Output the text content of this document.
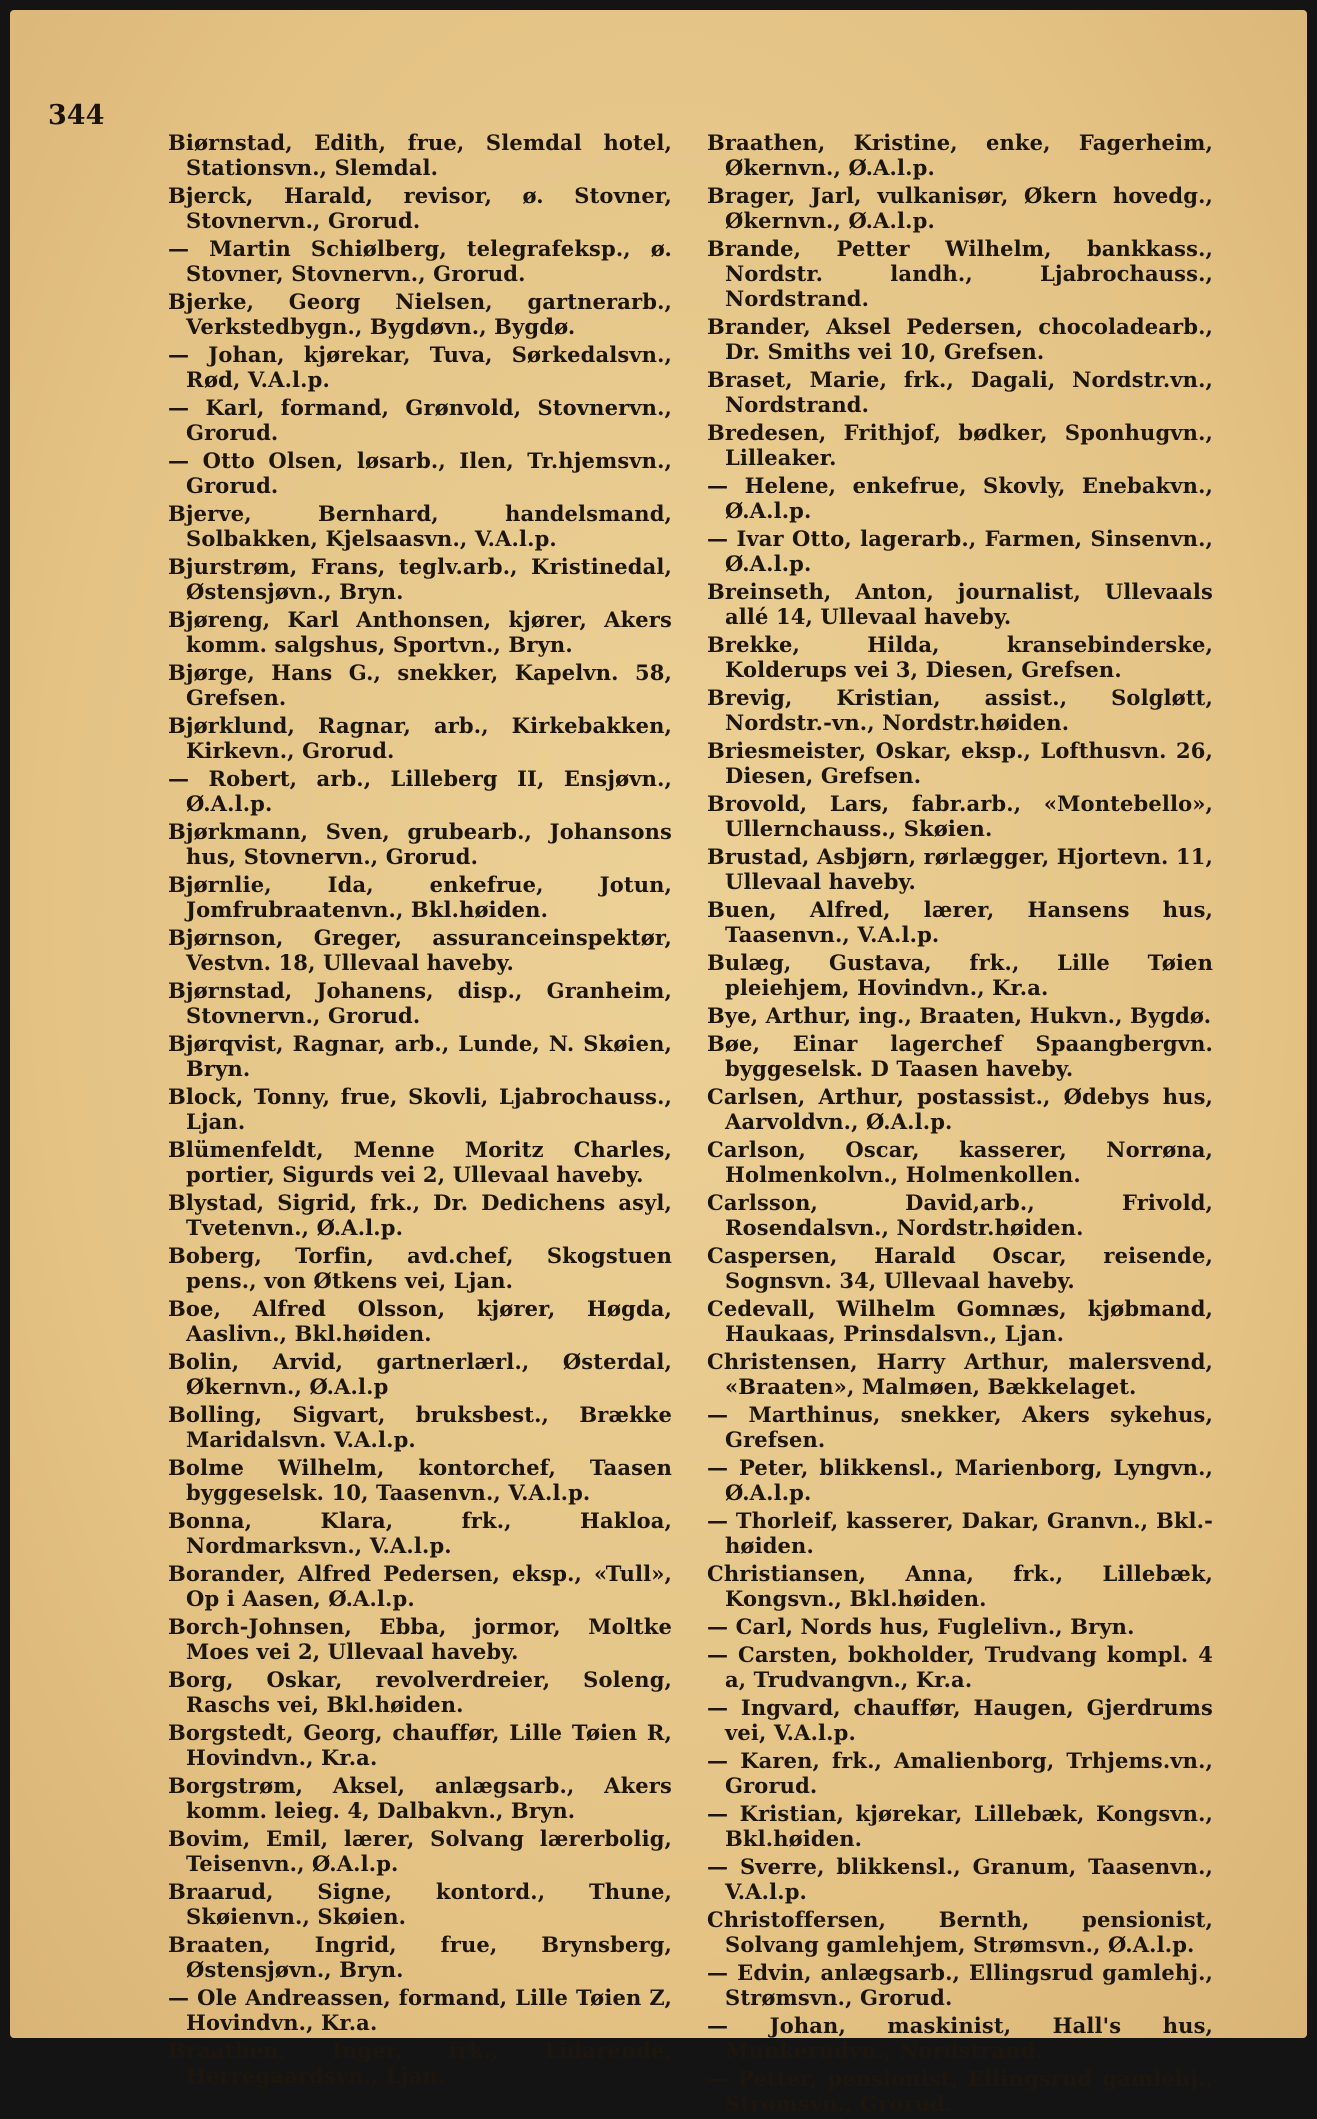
344

Biørnstad, Edith, frue, Slemdal hotel, Stationsvn., Slemdal.

Bjerck, Harald, revisor, ø. Stovner, Stovnervn., Grorud.

— Martin Schiølberg, telegrafeksp., ø. Stovner, Stovnervn., Grorud.

Bjerke, Georg Nielsen, gartnerarb., Verkstedbygn., Bygdøvn., Bygdø.

— Johan, kjørekar, Tuva, Sørkedalsvn., Rød, V.A.l.p.

— Karl, formand, Grønvold, Stovnervn., Grorud.

— Otto Olsen, løsarb., Ilen, Tr.hjemsvn., Grorud.

Bjerve, Bernhard, handelsmand, Solbakken, Kjelsaasvn., V.A.l.p.

Bjurstrøm, Frans, teglv.arb., Kristinedal, Østensjøvn., Bryn.

Bjøreng, Karl Anthonsen, kjører, Akers komm. salgshus, Sportvn., Bryn.

Bjørge, Hans G., snekker, Kapelvn. 58, Grefsen.

Bjørklund, Ragnar, arb., Kirkebakken, Kirkevn., Grorud.

— Robert, arb., Lilleberg II, Ensjøvn., Ø.A.l.p.

Bjørkmann, Sven, grubearb., Johansons hus, Stovnervn., Grorud.

Bjørnlie, Ida, enkefrue, Jotun, Jomfrubraatenvn., Bkl.høiden.

Bjørnson, Greger, assuranceinspektør, Vestvn. 18, Ullevaal haveby.

Bjørnstad, Johanens, disp., Granheim, Stovnervn., Grorud.

Bjørqvist, Ragnar, arb., Lunde, N. Skøien, Bryn.

Block, Tonny, frue, Skovli, Ljabrochauss., Ljan.

Blümenfeldt, Menne Moritz Charles, portier, Sigurds vei 2, Ullevaal haveby.

Blystad, Sigrid, frk., Dr. Dedichens asyl, Tvetenvn., Ø.A.l.p.

Boberg, Torfin, avd.chef, Skogstuen pens., von Øtkens vei, Ljan.

Boe, Alfred Olsson, kjører, Høgda, Aaslivn., Bkl.høiden.

Bolin, Arvid, gartnerlærl., Østerdal, Økernvn., Ø.A.l.p

Bolling, Sigvart, bruksbest., Brække Maridalsvn. V.A.l.p.

Bolme Wilhelm, kontorchef, Taasen byggeselsk. 10, Taasenvn., V.A.l.p.

Bonna, Klara, frk., Hakloa, Nordmarksvn., V.A.l.p.

Borander, Alfred Pedersen, eksp., «Tull», Op i Aasen, Ø.A.l.p.

Borch-Johnsen, Ebba, jormor, Moltke Moes vei 2, Ullevaal haveby.

Borg, Oskar, revolverdreier, Soleng, Raschs vei, Bkl.høiden.

Borgstedt, Georg, chauffør, Lille Tøien R, Hovindvn., Kr.a.

Borgstrøm, Aksel, anlægsarb., Akers komm. leieg. 4, Dalbakvn., Bryn.

Bovim, Emil, lærer, Solvang lærerbolig, Teisenvn., Ø.A.l.p.

Braarud, Signe, kontord., Thune, Skøienvn., Skøien.

Braaten, Ingrid, frue, Brynsberg, Østensjøvn., Bryn.

— Ole Andreassen, formand, Lille Tøien Z, Hovindvn., Kr.a.

Braathen, Inger, frk., Lidarende, Herregaardsvn., Ljan.

Braathen, Kristine, enke, Fagerheim, Økernvn., Ø.A.l.p.

Brager, Jarl, vulkanisør, Økern hovedg., Økernvn., Ø.A.l.p.

Brande, Petter Wilhelm, bankkass., Nordstr. landh., Ljabrochauss., Nordstrand.

Brander, Aksel Pedersen, chocoladearb., Dr. Smiths vei 10, Grefsen.

Braset, Marie, frk., Dagali, Nordstr.vn., Nordstrand.

Bredesen, Frithjof, bødker, Sponhugvn., Lilleaker.

— Helene, enkefrue, Skovly, Enebakvn., Ø.A.l.p.

— Ivar Otto, lagerarb., Farmen, Sinsenvn., Ø.A.l.p.

Breinseth, Anton, journalist, Ullevaals allé 14, Ullevaal haveby.

Brekke, Hilda, kransebinderske, Kolderups vei 3, Diesen, Grefsen.

Brevig, Kristian, assist., Solgløtt, Nordstr.-vn., Nordstr.høiden.

Briesmeister, Oskar, eksp., Lofthusvn. 26, Diesen, Grefsen.

Brovold, Lars, fabr.arb., «Montebello», Ullernchauss., Skøien.

Brustad, Asbjørn, rørlægger, Hjortevn. 11, Ullevaal haveby.

Buen, Alfred, lærer, Hansens hus, Taasenvn., V.A.l.p.

Bulæg, Gustava, frk., Lille Tøien pleiehjem, Hovindvn., Kr.a.

Bye, Arthur, ing., Braaten, Hukvn., Bygdø.

Bøe, Einar lagerchef Spaangbergvn. byggeselsk. D Taasen haveby.

Carlsen, Arthur, postassist., Ødebys hus, Aarvoldvn., Ø.A.l.p.

Carlson, Oscar, kasserer, Norrøna, Holmenkolvn., Holmenkollen.

Carlsson, David,arb., Frivold, Rosendalsvn., Nordstr.høiden.

Caspersen, Harald Oscar, reisende, Sognsvn. 34, Ullevaal haveby.

Cedevall, Wilhelm Gomnæs, kjøbmand, Haukaas, Prinsdalsvn., Ljan.

Christensen, Harry Arthur, malersvend, «Braaten», Malmøen, Bækkelaget.

— Marthinus, snekker, Akers sykehus, Grefsen.

— Peter, blikkensl., Marienborg, Lyngvn., Ø.A.l.p.

— Thorleif, kasserer, Dakar, Granvn., Bkl.-høiden.

Christiansen, Anna, frk., Lillebæk, Kongsvn., Bkl.høiden.

— Carl, Nords hus, Fuglelivn., Bryn.

— Carsten, bokholder, Trudvang kompl. 4 a, Trudvangvn., Kr.a.

— Ingvard, chauffør, Haugen, Gjerdrums vei, V.A.l.p.

— Karen, frk., Amalienborg, Trhjems.vn., Grorud.

— Kristian, kjørekar, Lillebæk, Kongsvn., Bkl.høiden.

— Sverre, blikkensl., Granum, Taasenvn., V.A.l.p.

Christoffersen, Bernth, pensionist, Solvang gamlehjem, Strømsvn., Ø.A.l.p.

— Edvin, anlægsarb., Ellingsrud gamlehj., Strømsvn., Grorud.

— Johan, maskinist, Hall's hus, Munkerudvn., Nordstrand.

— Petter, pensionist, Ellingsrud gamlehj., Strømsvn., Grorud.
